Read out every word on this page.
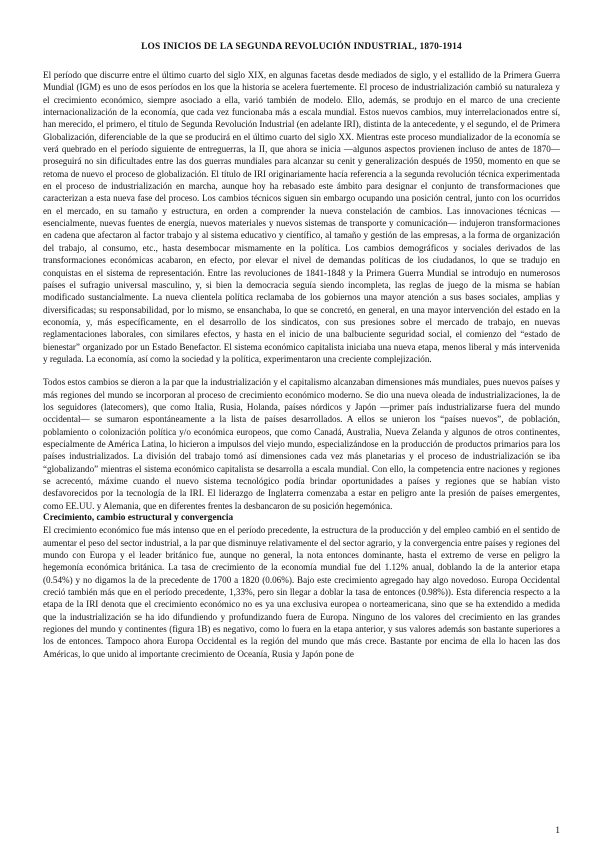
LOS INICIOS DE LA SEGUNDA REVOLUCIÓN INDUSTRIAL, 1870-1914

El período que discurre entre el último cuarto del siglo XIX, en algunas facetas desde mediados de siglo, y el estallido de la Primera Guerra Mundial (IGM) es uno de esos períodos en los que la historia se acelera fuertemente. El proceso de industrialización cambió su naturaleza y el crecimiento económico, siempre asociado a ella, varió también de modelo. Ello, además, se produjo en el marco de una creciente internacionalización de la economía, que cada vez funcionaba más a escala mundial. Estos nuevos cambios, muy interrelacionados entre sí, han merecido, el primero, el título de Segunda Revolución Industrial (en adelante IRI), distinta de la antecedente, y el segundo, el de Primera Globalización, diferenciable de la que se producirá en el último cuarto del siglo XX. Mientras este proceso mundializador de la economía se verá quebrado en el período siguiente de entreguerras, la II, que ahora se inicia —algunos aspectos provienen incluso de antes de 1870— proseguirá no sin dificultades entre las dos guerras mundiales para alcanzar su cenit y generalización después de 1950, momento en que se retoma de nuevo el proceso de globalización. El título de IRI originariamente hacía referencia a la segunda revolución técnica experimentada en el proceso de industrialización en marcha, aunque hoy ha rebasado este ámbito para designar el conjunto de transformaciones que caracterizan a esta nueva fase del proceso. Los cambios técnicos siguen sin embargo ocupando una posición central, junto con los ocurridos en el mercado, en su tamaño y estructura, en orden a comprender la nueva constelación de cambios. Las innovaciones técnicas —esencialmente, nuevas fuentes de energía, nuevos materiales y nuevos sistemas de transporte y comunicación— indujeron transformaciones en cadena que afectaron al factor trabajo y al sistema educativo y científico, al tamaño y gestión de las empresas, a la forma de organización del trabajo, al consumo, etc., hasta desembocar mismamente en la política. Los cambios demográficos y sociales derivados de las transformaciones económicas acabaron, en efecto, por elevar el nivel de demandas políticas de los ciudadanos, lo que se tradujo en conquistas en el sistema de representación. Entre las revoluciones de 1841-1848 y la Primera Guerra Mundial se introdujo en numerosos países el sufragio universal masculino, y, si bien la democracia seguía siendo incompleta, las reglas de juego de la misma se habían modificado sustancialmente. La nueva clientela política reclamaba de los gobiernos una mayor atención a sus bases sociales, amplias y diversificadas; su responsabilidad, por lo mismo, se ensanchaba, lo que se concretó, en general, en una mayor intervención del estado en la economía, y, más específicamente, en el desarrollo de los sindicatos, con sus presiones sobre el mercado de trabajo, en nuevas reglamentaciones laborales, con similares efectos, y hasta en el inicio de una balbuciente seguridad social, el comienzo del “estado de bienestar” organizado por un Estado Benefactor. El sistema económico capitalista iniciaba una nueva etapa, menos liberal y más intervenida y regulada. La economía, así como la sociedad y la política, experimentaron una creciente complejización.

Todos estos cambios se dieron a la par que la industrialización y el capitalismo alcanzaban dimensiones más mundiales, pues nuevos países y más regiones del mundo se incorporan al proceso de crecimiento económico moderno. Se dio una nueva oleada de industrializaciones, la de los seguidores (latecomers), que como Italia, Rusia, Holanda, países nórdicos y Japón —primer país industrializarse fuera del mundo occidental— se sumaron espontáneamente a la lista de países desarrollados. A ellos se unieron los “países nuevos”, de población, poblamiento o colonización política y/o económica europeos, que como Canadá, Australia, Nueva Zelanda y algunos de otros continentes, especialmente de América Latina, lo hicieron a impulsos del viejo mundo, especializándose en la producción de productos primarios para los países industrializados. La división del trabajo tomó así dimensiones cada vez más planetarias y el proceso de industrialización se iba “globalizando” mientras el sistema económico capitalista se desarrolla a escala mundial. Con ello, la competencia entre naciones y regiones se acrecentó, máxime cuando el nuevo sistema tecnológico podía brindar oportunidades a países y regiones que se habían visto desfavorecidos por la tecnología de la IRI. El liderazgo de Inglaterra comenzaba a estar en peligro ante la presión de países emergentes, como EE.UU. y Alemania, que en diferentes frentes la desbancaron de su posición hegemónica.

Crecimiento, cambio estructural y convergencia

El crecimiento económico fue más intenso que en el período precedente, la estructura de la producción y del empleo cambió en el sentido de aumentar el peso del sector industrial, a la par que disminuye relativamente el del sector agrario, y la convergencia entre países y regiones del mundo con Europa y el leader británico fue, aunque no general, la nota entonces dominante, hasta el extremo de verse en peligro la hegemonía económica británica. La tasa de crecimiento de la economía mundial fue del 1.12% anual, doblando la de la anterior etapa (0.54%) y no digamos la de la precedente de 1700 a 1820 (0.06%). Bajo este crecimiento agregado hay algo novedoso. Europa Occidental creció también más que en el período precedente, 1,33%, pero sin llegar a doblar la tasa de entonces (0.98%)). Esta diferencia respecto a la etapa de la IRI denota que el crecimiento económico no es ya una exclusiva europea o norteamericana, sino que se ha extendido a medida que la industrialización se ha ido difundiendo y profundizando fuera de Europa. Ninguno de los valores del crecimiento en las grandes regiones del mundo y continentes (figura 1B) es negativo, como lo fuera en la etapa anterior, y sus valores además son bastante superiores a los de entonces. Tampoco ahora Europa Occidental es la región del mundo que más crece. Bastante por encima de ella lo hacen las dos Américas, lo que unido al importante crecimiento de Oceanía, Rusia y Japón pone de

1
